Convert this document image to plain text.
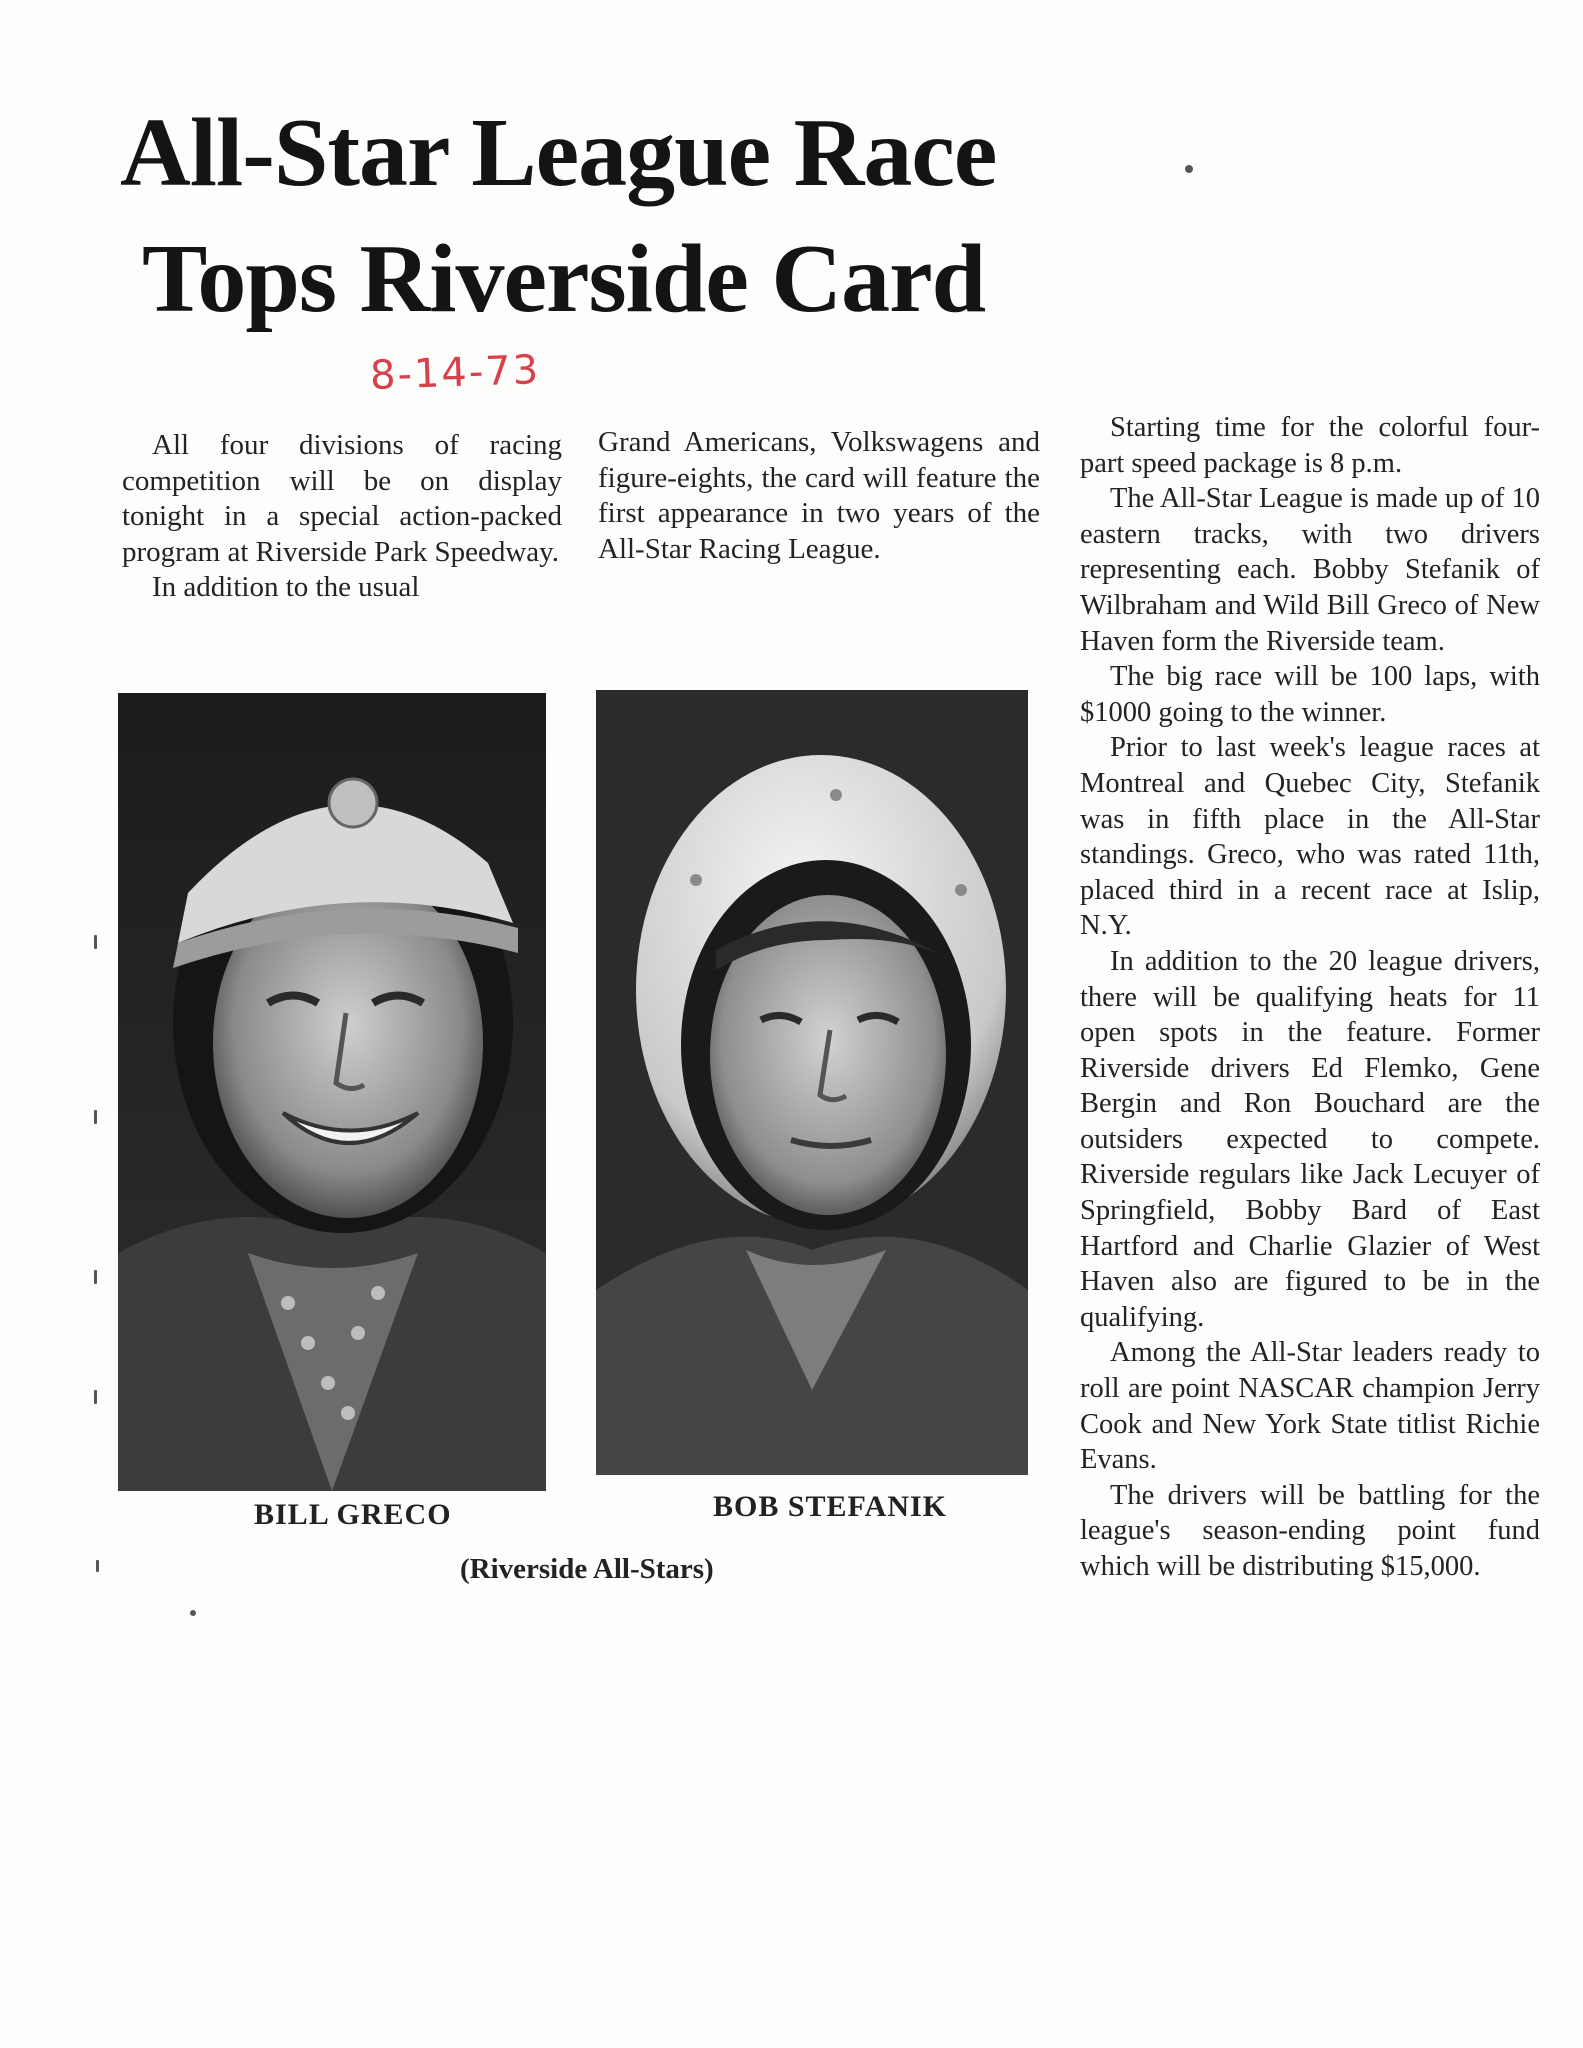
All-Star League Race
Tops Riverside Card
8-14-73

All four divisions of racing competition will be on display tonight in a special action-packed program at Riverside Park Speedway.

In addition to the usual

Grand Americans, Volkswagens and figure-eights, the card will feature the first appearance in two years of the All-Star Racing League.

Starting time for the colorful four-part speed package is 8 p.m.

The All-Star League is made up of 10 eastern tracks, with two drivers representing each. Bobby Stefanik of Wilbraham and Wild Bill Greco of New Haven form the Riverside team.

The big race will be 100 laps, with $1000 going to the winner.

Prior to last week's league races at Montreal and Quebec City, Stefanik was in fifth place in the All-Star standings. Greco, who was rated 11th, placed third in a recent race at Islip, N.Y.

In addition to the 20 league drivers, there will be qualifying heats for 11 open spots in the feature. Former Riverside drivers Ed Flemko, Gene Bergin and Ron Bouchard are the outsiders expected to compete. Riverside regulars like Jack Lecuyer of Springfield, Bobby Bard of East Hartford and Charlie Glazier of West Haven also are figured to be in the qualifying.

Among the All-Star leaders ready to roll are point NASCAR champion Jerry Cook and New York State titlist Richie Evans.

The drivers will be battling for the league's season-ending point fund which will be distributing $15,000.

BILL GRECO	BOB STEFANIK

(Riverside All-Stars)
